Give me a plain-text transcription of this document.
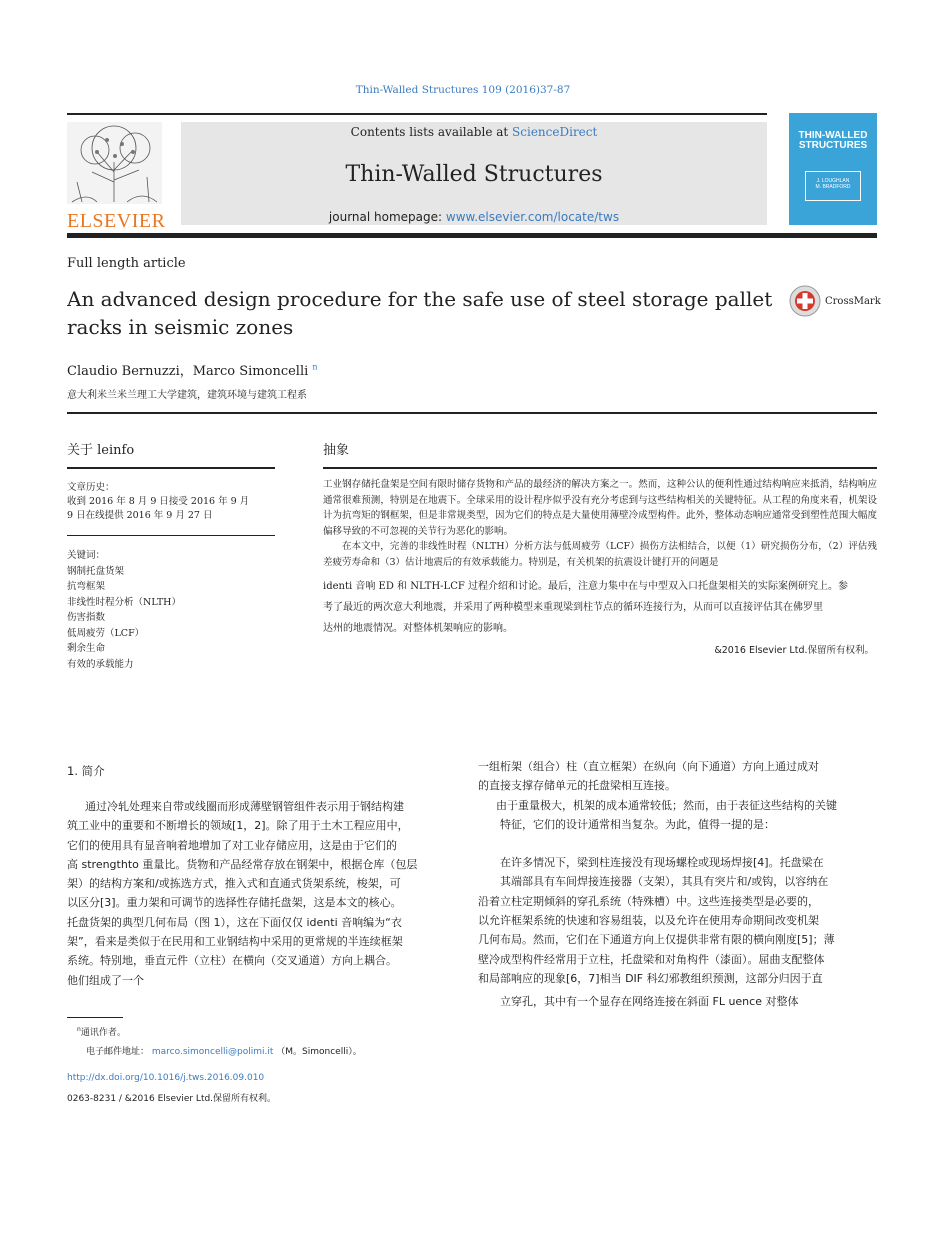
Thin-Walled Structures 109 (2016)37-87
ELSEVIER
Contents lists available at ScienceDirect
Thin-Walled Structures
journal homepage: www.elsevier.com/locate/tws
THIN-WALLED STRUCTURES
J. LOUGHLAN
M. BRADFORD
Full length article
An advanced design procedure for the safe use of steel storage pallet
racks in seismic zones
CrossMark
Claudio Bernuzzi，Marco Simoncelli $^n$
意大利米兰米兰理工大学建筑，建筑环境与建筑工程系
关于 leinfo
文章历史：
收到 2016 年 8 月 9 日接受 2016 年 9 月
9 日在线提供 2016 年 9 月 27 日
关键词：
钢制托盘货架
抗弯框架
非线性时程分析（NLTH）
伤害指数
低周疲劳（LCF）
剩余生命
有效的承载能力
抽象

工业钢存储托盘架是空间有限时储存货物和产品的最经济的解决方案之一。然而，这种公认的便利性通过结构响应来抵消，结构响应通常很难预测，特别是在地震下。全球采用的设计程序似乎没有充分考虑到与这些结构相关的关键特征。从工程的角度来看，机架设计为抗弯矩的钢框架，但是非常规类型，因为它们的特点是大量使用薄壁冷成型构件。此外，整体动态响应通常受到塑性范围大幅度偏移导致的不可忽视的关节行为恶化的影响。

在本文中，完善的非线性时程（NLTH）分析方法与低周疲劳（LCF）损伤方法相结合，以便（1）研究损伤分布，（2）评估残差疲劳寿命和（3）估计地震后的有效承载能力。特别是，有关机架的抗震设计键打开的问题是

identi 音响 ED 和 NLTH-LCF 过程介绍和讨论。最后，注意力集中在与中型双入口托盘架相关的实际案例研究上。参

考了最近的两次意大利地震，并采用了两种模型来重现梁到柱节点的循环连接行为，从而可以直接评估其在佛罗里

达州的地震情况。对整体机架响应的影响。

&2016 Elsevier Ltd.保留所有权利。
1. 简介
通过冷轧处理来自带或线圈而形成薄壁钢管组件表示用于钢结构建
筑工业中的重要和不断增长的领域[1，2]。除了用于土木工程应用中，
它们的使用具有显音响着地增加了对工业存储应用，这是由于它们的
高 strengthto 重量比。货物和产品经常存放在钢架中，根据仓库（包层
架）的结构方案和/或拣选方式，推入式和直通式货架系统，梭架，可
以区分[3]。重力架和可调节的选择性存储托盘架，这是本文的核心。
托盘货架的典型几何布局（图 1），这在下面仅仅 identi 音响编为“衣
架”，看来是类似于在民用和工业钢结构中采用的更常规的半连续框架
系统。特别地，垂直元件（立柱）在横向（交叉通道）方向上耦合。
他们组成了一个
一组桁架（组合）柱（直立框架）在纵向（向下通道）方向上通过成对
的直接支撑存储单元的托盘梁相互连接。
由于重量极大，机架的成本通常较低；然而，由于表征这些结构的关键
特征，它们的设计通常相当复杂。为此，值得一提的是：
在许多情况下，梁到柱连接没有现场螺栓或现场焊接[4]。托盘梁在
其端部具有车间焊接连接器（支架），其具有突片和/或钩，以容纳在
沿着立柱定期倾斜的穿孔系统（特殊槽）中。这些连接类型是必要的，
以允许框架系统的快速和容易组装，以及允许在使用寿命期间改变机架
几何布局。然而，它们在下通道方向上仅提供非常有限的横向刚度[5]；薄
壁冷成型构件经常用于立柱，托盘梁和对角构件（漆面）。屈曲支配整体
和局部响应的现象[6，7]相当 DIF 科幻邪教组织预测，这部分归因于直
立穿孔，其中有一个显存在网络连接在斜面 FL uence 对整体
$^n$通讯作者。
电子邮件地址： marco.simoncelli@polimi.it （M。Simoncelli）。
http://dx.doi.org/10.1016/j.tws.2016.09.010
0263-8231 / &2016 Elsevier Ltd.保留所有权利。
